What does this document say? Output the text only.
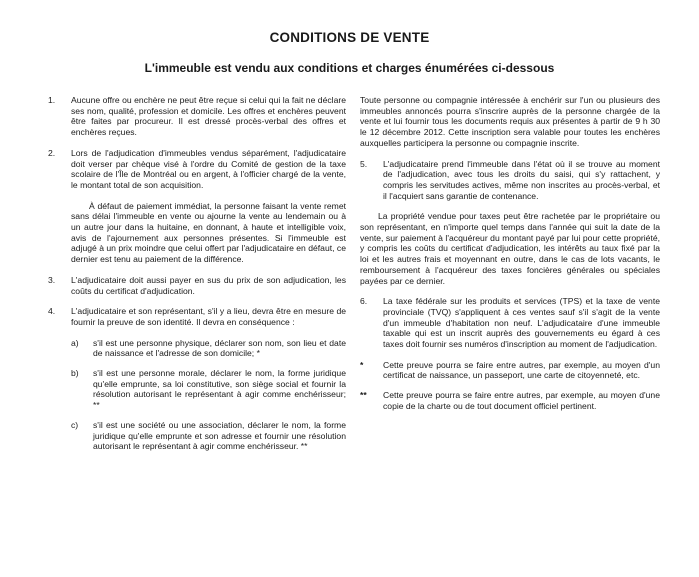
CONDITIONS DE VENTE
L'immeuble est vendu aux conditions et charges énumérées ci-dessous
1.	Aucune offre ou enchère ne peut être reçue si celui qui la fait ne déclare ses nom, qualité, profession et domicile. Les offres et enchères peuvent être faites par procureur. Il est dressé procès-verbal des offres et enchères reçues.

2.	Lors de l'adjudication d'immeubles vendus séparément, l'adjudicataire doit verser par chèque visé à l'ordre du Comité de gestion de la taxe scolaire de l'Île de Montréal ou en argent, à l'officier chargé de la vente, le montant total de son acquisition.

À défaut de paiement immédiat, la personne faisant la vente remet sans délai l'immeuble en vente ou ajourne la vente au lendemain ou à un autre jour dans la huitaine, en donnant, à haute et intelligible voix, avis de l'ajournement aux personnes présentes. Si l'immeuble est adjugé à un prix moindre que celui offert par l'adjudicataire en défaut, ce dernier est tenu au paiement de la différence.

3.	L'adjudicataire doit aussi payer en sus du prix de son adjudication, les coûts du certificat d'adjudication.

4.	L'adjudicataire et son représentant, s'il y a lieu, devra être en mesure de fournir la preuve de son identité. Il devra en conséquence :

a)	s'il est une personne physique, déclarer son nom, son lieu et date de naissance et l'adresse de son domicile; *
b)	s'il est une personne morale, déclarer le nom, la forme juridique qu'elle emprunte, sa loi constitutive, son siège social et fournir la résolution autorisant le représentant à agir comme enchérisseur; **
c)	s'il est une société ou une association, déclarer le nom, la forme juridique qu'elle emprunte et son adresse et fournir une résolution autorisant le représentant à agir comme enchérisseur. **

Toute personne ou compagnie intéressée à enchérir sur l'un ou plusieurs des immeubles annoncés pourra s'inscrire auprès de la personne chargée de la vente et lui fournir tous les documents requis aux présentes à partir de 9 h 30 le 12 décembre 2012. Cette inscription sera valable pour toutes les enchères auxquelles participera la personne ou compagnie inscrite.

5.	L'adjudicataire prend l'immeuble dans l'état où il se trouve au moment de l'adjudication, avec tous les droits du saisi, qui s'y rattachent, y compris les servitudes actives, même non inscrites au procès-verbal, et il l'acquiert sans garantie de contenance.

La propriété vendue pour taxes peut être rachetée par le propriétaire ou son représentant, en n'importe quel temps dans l'année qui suit la date de la vente, sur paiement à l'acquéreur du montant payé par lui pour cette propriété, y compris les coûts du certificat d'adjudication, les intérêts au taux fixé par la loi et les autres frais et moyennant en outre, dans le cas de lots vacants, le remboursement à l'acquéreur des taxes foncières générales ou spéciales payées par ce dernier.

6.	La taxe fédérale sur les produits et services (TPS) et la taxe de vente provinciale (TVQ) s'appliquent à ces ventes sauf s'il s'agit de la vente d'un immeuble d'habitation non neuf. L'adjudicataire d'une immeuble taxable qui est un inscrit auprès des gouvernements eu égard à ces taxes doit fournir ses numéros d'inscription au moment de l'adjudication.

*	Cette preuve pourra se faire entre autres, par exemple, au moyen d'un certificat de naissance, un passeport, une carte de citoyenneté, etc.
**	Cette preuve pourra se faire entre autres, par exemple, au moyen d'une copie de la charte ou de tout document officiel pertinent.
